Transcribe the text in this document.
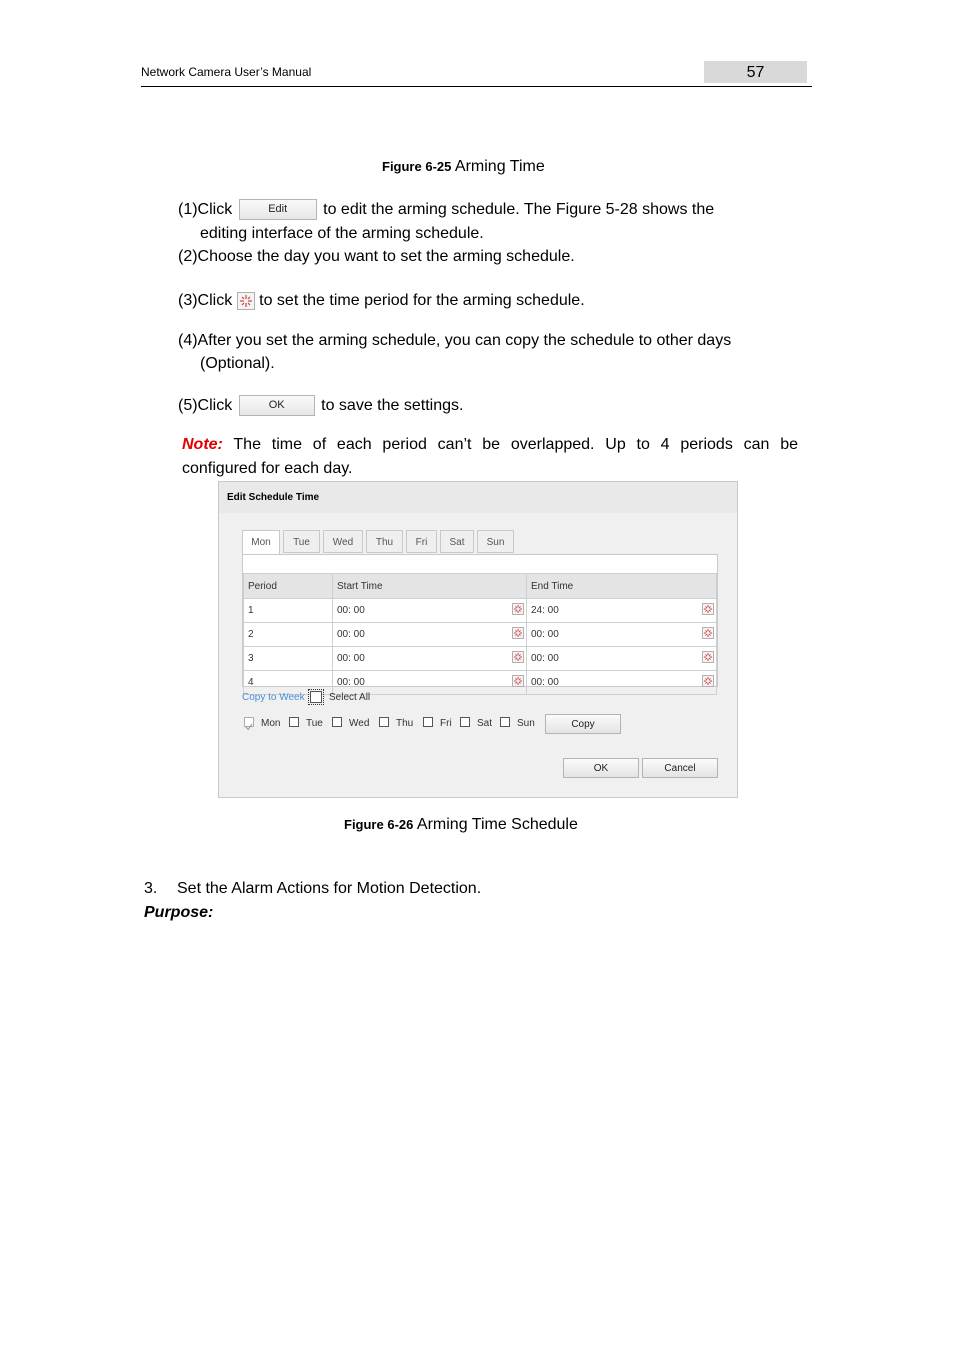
Network Camera User’s Manual	57
Figure 6-25 Arming Time
(1)Click	Edit to edit the arming schedule. The Figure 5-28 shows the
editing interface of the arming schedule.
(2)Choose the day you want to set the arming schedule.
(3)Click to set the time period for the arming schedule.
(4)After you set the arming schedule, you can copy the schedule to other days
(Optional).
(5)Click	OK to save the settings.
Note: The time of each period can’t be overlapped. Up to 4 periods can be
configured for each day.
Edit Schedule Time
Mon	Tue	Wed	Thu	Fri	Sat	Sun
Period	Start Time	End Time
1	00: 00	24: 00

2	00: 00	00: 00

3	00: 00	00: 00

4	00: 00	00: 00
Copy to Week Select All
Mon	Tue	Wed	Thu	Fri	Sat Sun	Copy
OK	Cancel
Figure 6-26 Arming Time Schedule
3. Set the Alarm Actions for Motion Detection.
Purpose:
